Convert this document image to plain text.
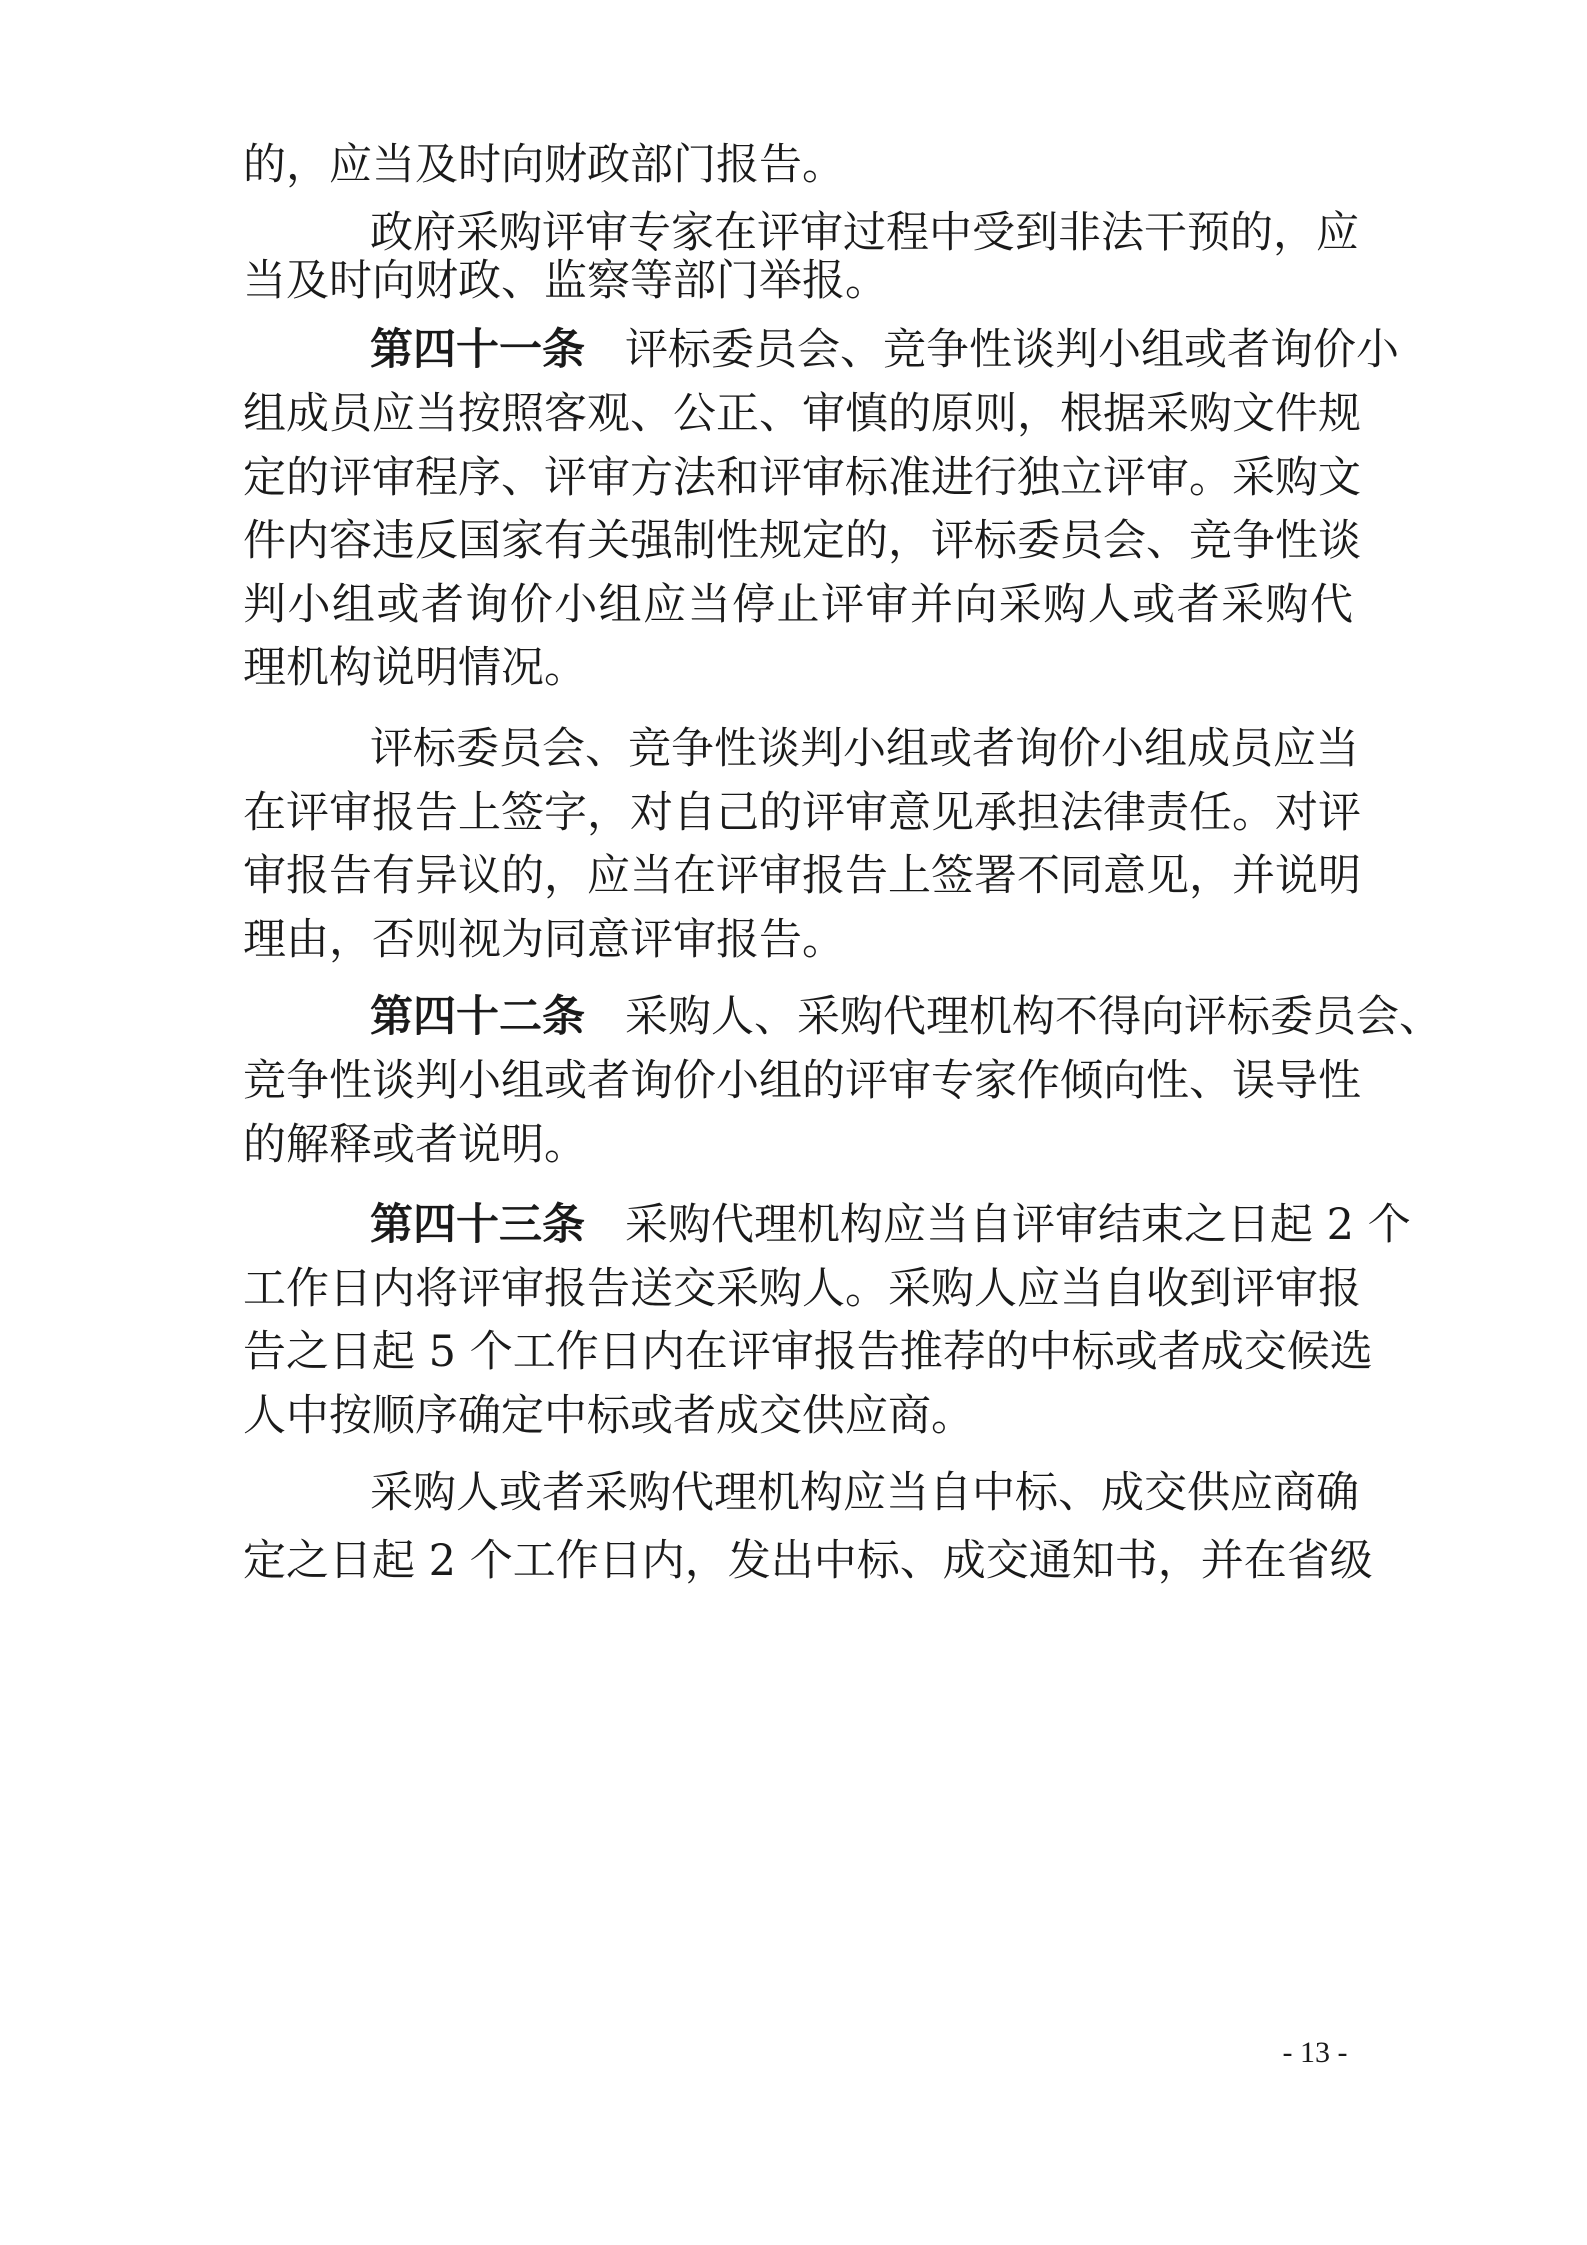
的，应当及时向财政部门报告。
政府采购评审专家在评审过程中受到非法干预的，应
当及时向财政、监察等部门举报。
第四十一条 评标委员会、竞争性谈判小组或者询价小
组成员应当按照客观、公正、审慎的原则，根据采购文件规
定的评审程序、评审方法和评审标准进行独立评审。采购文
件内容违反国家有关强制性规定的，评标委员会、竞争性谈
判小组或者询价小组应当停止评审并向采购人或者采购代
理机构说明情况。
评标委员会、竞争性谈判小组或者询价小组成员应当
在评审报告上签字，对自己的评审意见承担法律责任。对评
审报告有异议的，应当在评审报告上签署不同意见，并说明
理由，否则视为同意评审报告。
第四十二条 采购人、采购代理机构不得向评标委员会、
竞争性谈判小组或者询价小组的评审专家作倾向性、误导性
的解释或者说明。
第四十三条 采购代理机构应当自评审结束之日起 2 个
工作日内将评审报告送交采购人。采购人应当自收到评审报
告之日起 5 个工作日内在评审报告推荐的中标或者成交候选
人中按顺序确定中标或者成交供应商。
采购人或者采购代理机构应当自中标、成交供应商确
定之日起 2 个工作日内，发出中标、成交通知书，并在省级
- 13 -
